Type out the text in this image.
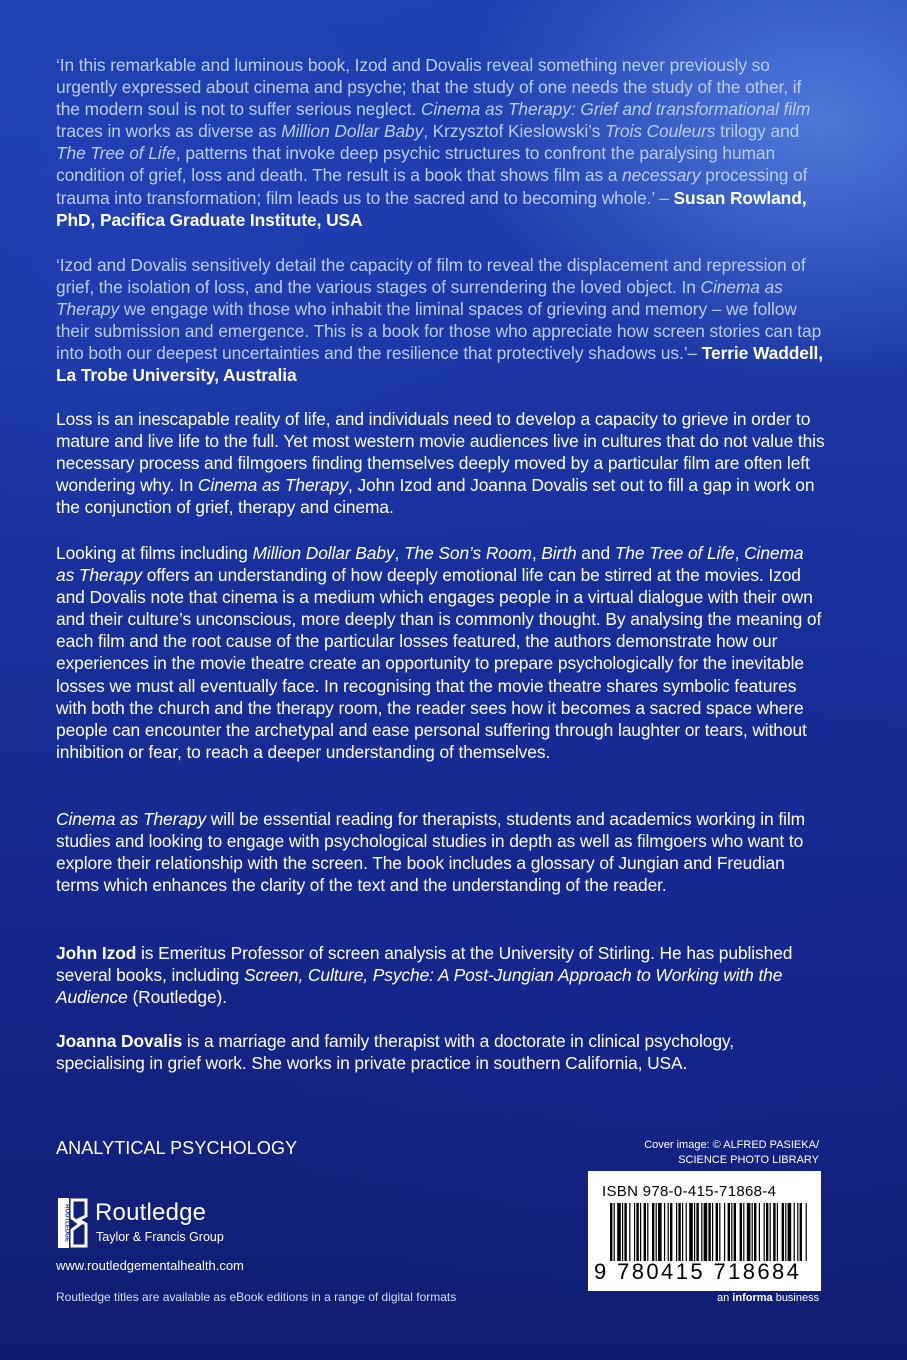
‘In this remarkable and luminous book, Izod and Dovalis reveal something never previously so urgently expressed about cinema and psyche; that the study of one needs the study of the other, if the modern soul is not to suffer serious neglect. Cinema as Therapy: Grief and transformational film traces in works as diverse as Million Dollar Baby, Krzysztof Kieslowski’s Trois Couleurs trilogy and The Tree of Life, patterns that invoke deep psychic structures to confront the paralysing human condition of grief, loss and death. The result is a book that shows film as a necessary processing of trauma into transformation; film leads us to the sacred and to becoming whole.’ – Susan Rowland, PhD, Pacifica Graduate Institute, USA
‘Izod and Dovalis sensitively detail the capacity of film to reveal the displacement and repression of grief, the isolation of loss, and the various stages of surrendering the loved object. In Cinema as Therapy we engage with those who inhabit the liminal spaces of grieving and memory – we follow their submission and emergence. This is a book for those who appreciate how screen stories can tap into both our deepest uncertainties and the resilience that protectively shadows us.’– Terrie Waddell, La Trobe University, Australia
Loss is an inescapable reality of life, and individuals need to develop a capacity to grieve in order to mature and live life to the full. Yet most western movie audiences live in cultures that do not value this necessary process and filmgoers finding themselves deeply moved by a particular film are often left wondering why. In Cinema as Therapy, John Izod and Joanna Dovalis set out to fill a gap in work on the conjunction of grief, therapy and cinema.
Looking at films including Million Dollar Baby, The Son’s Room, Birth and The Tree of Life, Cinema as Therapy offers an understanding of how deeply emotional life can be stirred at the movies. Izod and Dovalis note that cinema is a medium which engages people in a virtual dialogue with their own and their culture’s unconscious, more deeply than is commonly thought. By analysing the meaning of each film and the root cause of the particular losses featured, the authors demonstrate how our experiences in the movie theatre create an opportunity to prepare psychologically for the inevitable losses we must all eventually face. In recognising that the movie theatre shares symbolic features with both the church and the therapy room, the reader sees how it becomes a sacred space where people can encounter the archetypal and ease personal suffering through laughter or tears, without inhibition or fear, to reach a deeper understanding of themselves.
Cinema as Therapy will be essential reading for therapists, students and academics working in film studies and looking to engage with psychological studies in depth as well as filmgoers who want to explore their relationship with the screen. The book includes a glossary of Jungian and Freudian terms which enhances the clarity of the text and the understanding of the reader.
John Izod is Emeritus Professor of screen analysis at the University of Stirling. He has published several books, including Screen, Culture, Psyche: A Post-Jungian Approach to Working with the Audience (Routledge).
Joanna Dovalis is a marriage and family therapist with a doctorate in clinical psychology, specialising in grief work. She works in private practice in southern California, USA.
ANALYTICAL PSYCHOLOGY	Cover image: © ALFRED PASIEKA/
SCIENCE PHOTO LIBRARY
ISBN 978-0-415-71868-4
9 780415 718684
an informa business
ROUTLEDGE Routledge
Taylor & Francis Group
www.routledgementalhealth.com
Routledge titles are available as eBook editions in a range of digital formats
